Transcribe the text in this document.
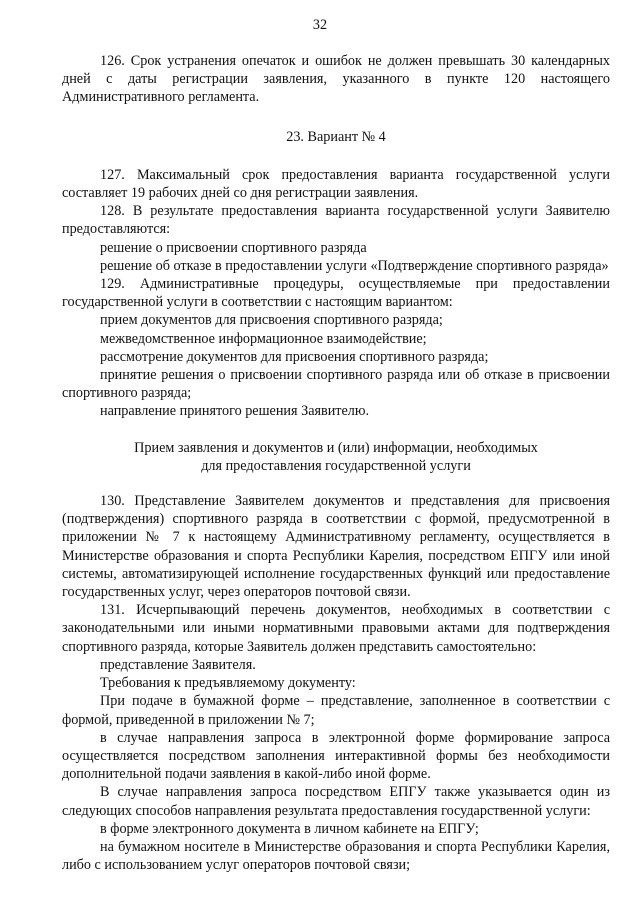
32

126. Срок устранения опечаток и ошибок не должен превышать 30 календарных дней с даты регистрации заявления, указанного в пункте 120 настоящего Административного регламента.

23. Вариант № 4

127. Максимальный срок предоставления варианта государственной услуги составляет 19 рабочих дней со дня регистрации заявления.

128. В результате предоставления варианта государственной услуги Заявителю предоставляются:

решение о присвоении спортивного разряда

решение об отказе в предоставлении услуги «Подтверждение спортивного разряда»

129. Административные процедуры, осуществляемые при предоставлении государственной услуги в соответствии с настоящим вариантом:

прием документов для присвоения спортивного разряда;

межведомственное информационное взаимодействие;

рассмотрение документов для присвоения спортивного разряда;

принятие решения о присвоении спортивного разряда или об отказе в присвоении спортивного разряда;

направление принятого решения Заявителю.

Прием заявления и документов и (или) информации, необходимых

для предоставления государственной услуги

130. Представление Заявителем документов и представления для присвоения (подтверждения) спортивного разряда в соответствии с формой, предусмотренной в приложении № 7 к настоящему Административному регламенту, осуществляется в Министерстве образования и спорта Республики Карелия, посредством ЕПГУ или иной системы, автоматизирующей исполнение государственных функций или предоставление государственных услуг, через операторов почтовой связи.

131. Исчерпывающий перечень документов, необходимых в соответствии с законодательными или иными нормативными правовыми актами для подтверждения спортивного разряда, которые Заявитель должен представить самостоятельно:

представление Заявителя.

Требования к предъявляемому документу:

При подаче в бумажной форме – представление, заполненное в соответствии с формой, приведенной в приложении № 7;

в случае направления запроса в электронной форме формирование запроса осуществляется посредством заполнения интерактивной формы без необходимости дополнительной подачи заявления в какой-либо иной форме.

В случае направления запроса посредством ЕПГУ также указывается один из следующих способов направления результата предоставления государственной услуги:

в форме электронного документа в личном кабинете на ЕПГУ;

на бумажном носителе в Министерстве образования и спорта Республики Карелия, либо с использованием услуг операторов почтовой связи;
